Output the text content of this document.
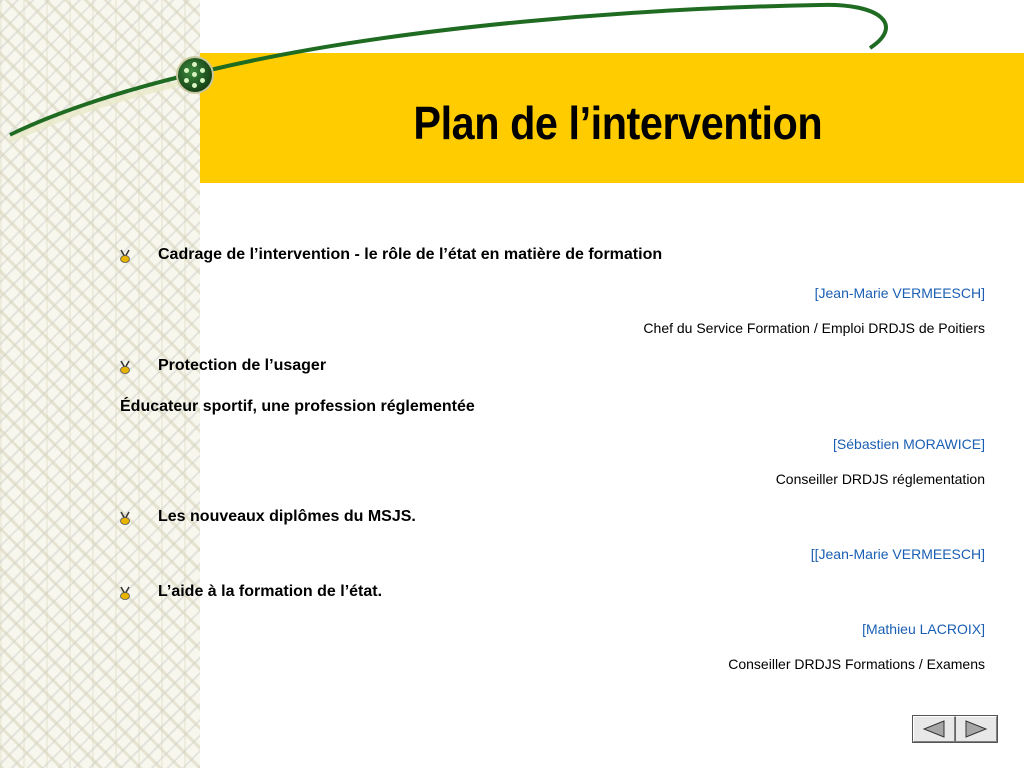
Plan de l’intervention
Cadrage de l’intervention - le rôle de l’état en matière de formation
[Jean-Marie VERMEESCH]
Chef du Service Formation / Emploi DRDJS de Poitiers
Protection de l’usager
Éducateur sportif, une profession réglementée
[Sébastien MORAWICE]
Conseiller DRDJS réglementation
Les nouveaux diplômes du MSJS.
[[Jean-Marie VERMEESCH]
L’aide à la formation de l’état.
[Mathieu LACROIX]
Conseiller DRDJS Formations / Examens
